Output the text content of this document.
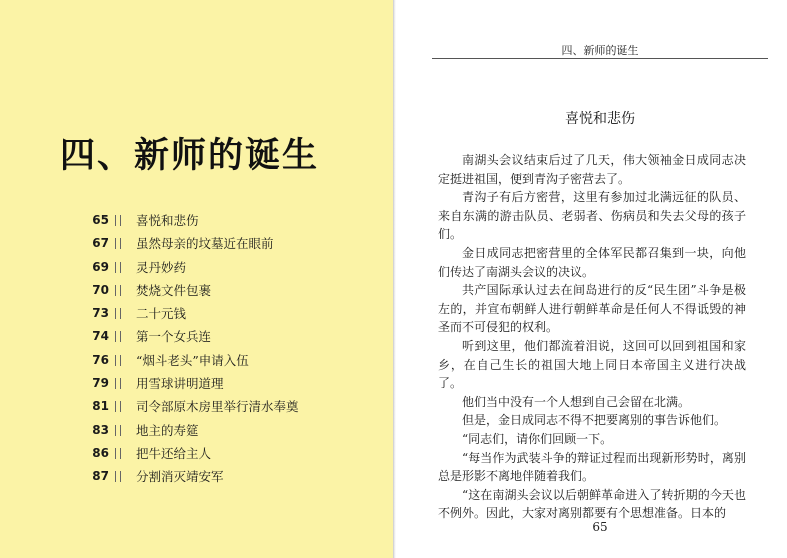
四、新师的诞生
65 喜悦和悲伤
67 虽然母亲的坟墓近在眼前
69 灵丹妙药
70 焚烧文件包裹
73 二十元钱
74 第一个女兵连
76 “烟斗老头”申请入伍
79 用雪球讲明道理
81 司令部原木房里举行清水奉奠
83 地主的寿筵
86 把牛还给主人
87 分割消灭靖安军
四、新师的诞生
喜悦和悲伤

南湖头会议结束后过了几天，伟大领袖金日成同志决定挺进祖国，便到青沟子密营去了。

青沟子有后方密营，这里有参加过北满远征的队员、来自东满的游击队员、老弱者、伤病员和失去父母的孩子们。

金日成同志把密营里的全体军民都召集到一块，向他们传达了南湖头会议的决议。

共产国际承认过去在间岛进行的反“民生团”斗争是极左的，并宣布朝鲜人进行朝鲜革命是任何人不得诋毁的神圣而不可侵犯的权利。

听到这里，他们都流着泪说，这回可以回到祖国和家乡，在自己生长的祖国大地上同日本帝国主义进行决战了。

他们当中没有一个人想到自己会留在北满。

但是，金日成同志不得不把要离别的事告诉他们。

“同志们，请你们回顾一下。

“每当作为武装斗争的辩证过程而出现新形势时，离别总是形影不离地伴随着我们。

“这在南湖头会议以后朝鲜革命进入了转折期的今天也不例外。因此，大家对离别都要有个思想准备。日本的

65
